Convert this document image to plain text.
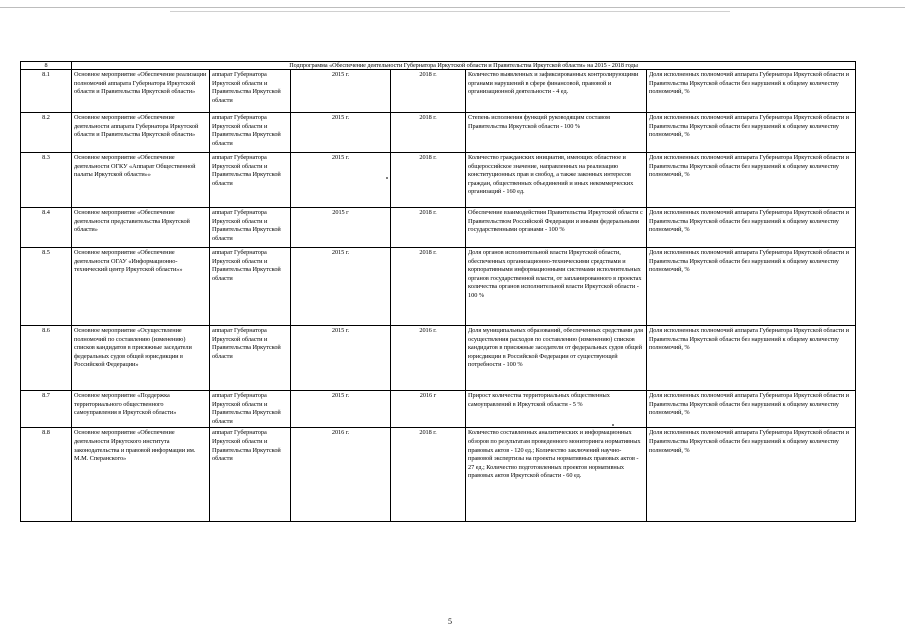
8	Подпрограмма «Обеспечение деятельности Губернатора Иркутской области и Правительства Иркутской области» на 2015 - 2018 годы					
8.1	Основное мероприятие «Обеспечение реализации полномочий аппарата Губернатора Иркутской области и Правительства Иркутской области»	аппарат Губернатора Иркутской области и Правительства Иркутской области	2015 г.	2018 г.	Количество выявленных и зафиксированных контролирующими органами нарушений в сфере финансовой, правовой и организационной деятельности - 4 ед.	Доля исполненных полномочий аппарата Губернатора Иркутской области и Правительства Иркутской области без нарушений к общему количеству полномочий, %
8.2	Основное мероприятие «Обеспечение деятельности аппарата Губернатора Иркутской области и Правительства Иркутской области»	аппарат Губернатора Иркутской области и Правительства Иркутской области	2015 г.	2018 г.	Степень исполнения функций руководящим составом Правительства Иркутской области - 100 %	Доля исполненных полномочий аппарата Губернатора Иркутской области и Правительства Иркутской области без нарушений к общему количеству полномочий, %
8.3	Основное мероприятие «Обеспечение деятельности ОГКУ «Аппарат Общественной палаты Иркутской области»»	аппарат Губернатора Иркутской области и Правительства Иркутской области	2015 г.	2018 г.	Количество гражданских инициатив, имеющих областное и общероссийское значение, направленных на реализацию конституционных прав и свобод, а также законных интересов граждан, общественных объединений и иных некоммерческих организаций - 160 ед.	Доля исполненных полномочий аппарата Губернатора Иркутской области и Правительства Иркутской области без нарушений к общему количеству полномочий, %
8.4	Основное мероприятие «Обеспечение деятельности представительства Иркутской области»	аппарат Губернатора Иркутской области и Правительства Иркутской области	2015 г	2018 г.	Обеспечение взаимодействия Правительства Иркутской области с Правительством Российской Федерации и иными федеральными государственными органами - 100 %	Доля исполненных полномочий аппарата Губернатора Иркутской области и Правительства Иркутской области без нарушений к общему количеству полномочий, %
8.5	Основное мероприятие «Обеспечение деятельности ОГАУ «Информационно-технический центр Иркутской области»»	аппарат Губернатора Иркутской области и Правительства Иркутской области	2015 г.	2018 г.	Доля органов исполнительной власти Иркутской области, обеспеченных организационно-техническими средствами и корпоративными информационными системами исполнительных органов государственной власти, от запланированного в проектах количества органов исполнительной власти Иркутской области - 100 %	Доля исполненных полномочий аппарата Губернатора Иркутской области и Правительства Иркутской области без нарушений к общему количеству полномочий, %
8.6	Основное мероприятие «Осуществление полномочий по составлению (изменению) списков кандидатов в присяжные заседатели федеральных судов общей юрисдикции в Российской Федерации»	аппарат Губернатора Иркутской области и Правительства Иркутской области	2015 г.	2016 г.	Доля муниципальных образований, обеспеченных средствами для осуществления расходов по составлению (изменению) списков кандидатов в присяжные заседатели от федеральных судов общей юрисдикции в Российской Федерации от существующей потребности - 100 %	Доля исполненных полномочий аппарата Губернатора Иркутской области и Правительства Иркутской области без нарушений к общему количеству полномочий, %
8.7	Основное мероприятие «Поддержка территориального общественного самоуправления в Иркутской области»	аппарат Губернатора Иркутской области и Правительства Иркутской области	2015 г.	2016 г	Прирост количества территориальных общественных самоуправлений в Иркутской области - 5 %	Доля исполненных полномочий аппарата Губернатора Иркутской области и Правительства Иркутской области без нарушений к общему количеству полномочий, %
8.8	Основное мероприятие «Обеспечение деятельности Иркутского института законодательства и правовой информации им. М.М. Сперанского»	аппарат Губернатора Иркутской области и Правительства Иркутской области	2016 г.	2018 г.	Количество составленных аналитических и информационных обзоров по результатам проведенного мониторинга нормативных правовых актов - 120 ед.; Количество заключений научно-правовой экспертизы на проекты нормативных правовых актов - 27 ед.; Количество подготовленных проектов нормативных правовых актов Иркутской области - 60 ед.	Доля исполненных полномочий аппарата Губернатора Иркутской области и Правительства Иркутской области без нарушений к общему количеству полномочий, %
5
